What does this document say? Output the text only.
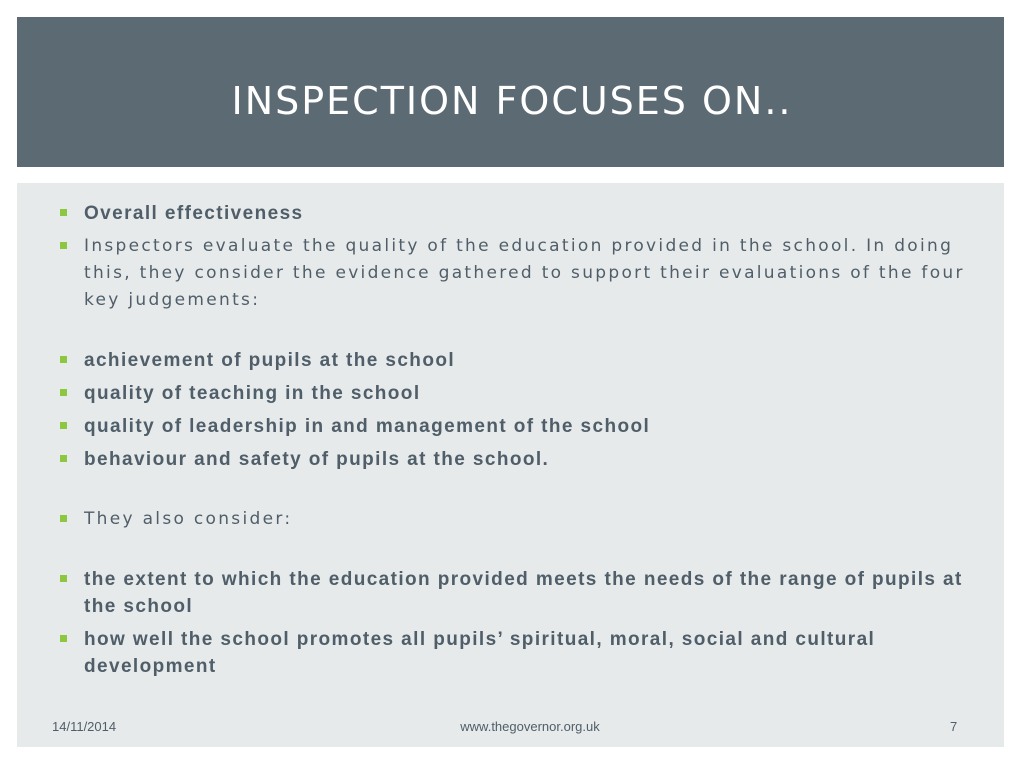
INSPECTION FOCUSES ON..
Overall effectiveness
Inspectors evaluate the quality of the education provided in the school. In doing this, they consider the evidence gathered to support their evaluations of the four key judgements:
achievement of pupils at the school
quality of teaching in the school
quality of leadership in and management of the school
behaviour and safety of pupils at the school.
They also consider:
the extent to which the education provided meets the needs of the range of pupils at the school
how well the school promotes all pupils’ spiritual, moral, social and cultural development
14/11/2014	www.thegovernor.org.uk	7
